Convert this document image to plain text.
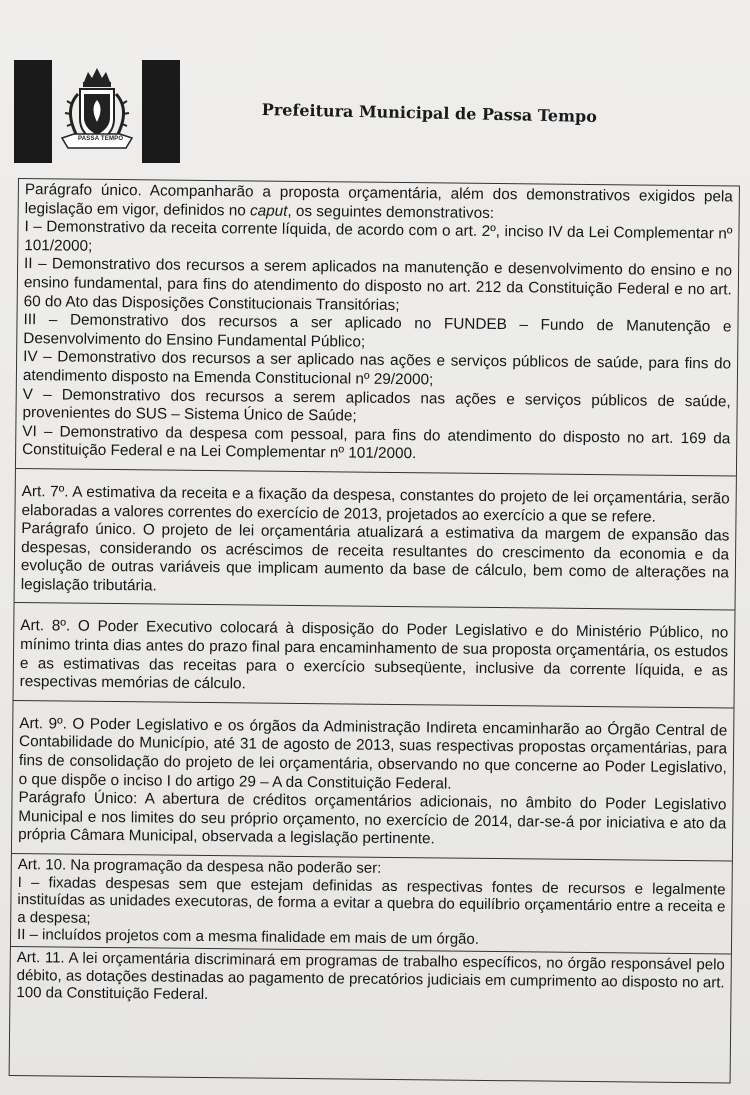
PASSA TEMPO
Prefeitura Municipal de Passa Tempo

Parágrafo único. Acompanharão a proposta orçamentária, além dos demonstrativos exigidos pela legislação em vigor, definidos no caput, os seguintes demonstrativos:

I – Demonstrativo da receita corrente líquida, de acordo com o art. 2º, inciso IV da Lei Complementar nº 101/2000;

II – Demonstrativo dos recursos a serem aplicados na manutenção e desenvolvimento do ensino e no ensino fundamental, para fins do atendimento do disposto no art. 212 da Constituição Federal e no art. 60 do Ato das Disposições Constitucionais Transitórias;

III – Demonstrativo dos recursos a ser aplicado no FUNDEB – Fundo de Manutenção e Desenvolvimento do Ensino Fundamental Público;

IV – Demonstrativo dos recursos a ser aplicado nas ações e serviços públicos de saúde, para fins do atendimento disposto na Emenda Constitucional nº 29/2000;

V – Demonstrativo dos recursos a serem aplicados nas ações e serviços públicos de saúde, provenientes do SUS – Sistema Único de Saúde;

VI – Demonstrativo da despesa com pessoal, para fins do atendimento do disposto no art. 169 da Constituição Federal e na Lei Complementar nº 101/2000.

Art. 7º. A estimativa da receita e a fixação da despesa, constantes do projeto de lei orçamentária, serão elaboradas a valores correntes do exercício de 2013, projetados ao exercício a que se refere.

Parágrafo único. O projeto de lei orçamentária atualizará a estimativa da margem de expansão das despesas, considerando os acréscimos de receita resultantes do crescimento da economia e da evolução de outras variáveis que implicam aumento da base de cálculo, bem como de alterações na legislação tributária.

Art. 8º. O Poder Executivo colocará à disposição do Poder Legislativo e do Ministério Público, no mínimo trinta dias antes do prazo final para encaminhamento de sua proposta orçamentária, os estudos e as estimativas das receitas para o exercício subseqüente, inclusive da corrente líquida, e as respectivas memórias de cálculo.

Art. 9º. O Poder Legislativo e os órgãos da Administração Indireta encaminharão ao Órgão Central de Contabilidade do Município, até 31 de agosto de 2013, suas respectivas propostas orçamentárias, para fins de consolidação do projeto de lei orçamentária, observando no que concerne ao Poder Legislativo, o que dispõe o inciso I do artigo 29 – A da Constituição Federal.

Parágrafo Único: A abertura de créditos orçamentários adicionais, no âmbito do Poder Legislativo Municipal e nos limites do seu próprio orçamento, no exercício de 2014, dar-se-á por iniciativa e ato da própria Câmara Municipal, observada a legislação pertinente.

Art. 10. Na programação da despesa não poderão ser:

I – fixadas despesas sem que estejam definidas as respectivas fontes de recursos e legalmente instituídas as unidades executoras, de forma a evitar a quebra do equilíbrio orçamentário entre a receita e a despesa;

II – incluídos projetos com a mesma finalidade em mais de um órgão.

Art. 11. A lei orçamentária discriminará em programas de trabalho específicos, no órgão responsável pelo débito, as dotações destinadas ao pagamento de precatórios judiciais em cumprimento ao disposto no art. 100 da Constituição Federal.
